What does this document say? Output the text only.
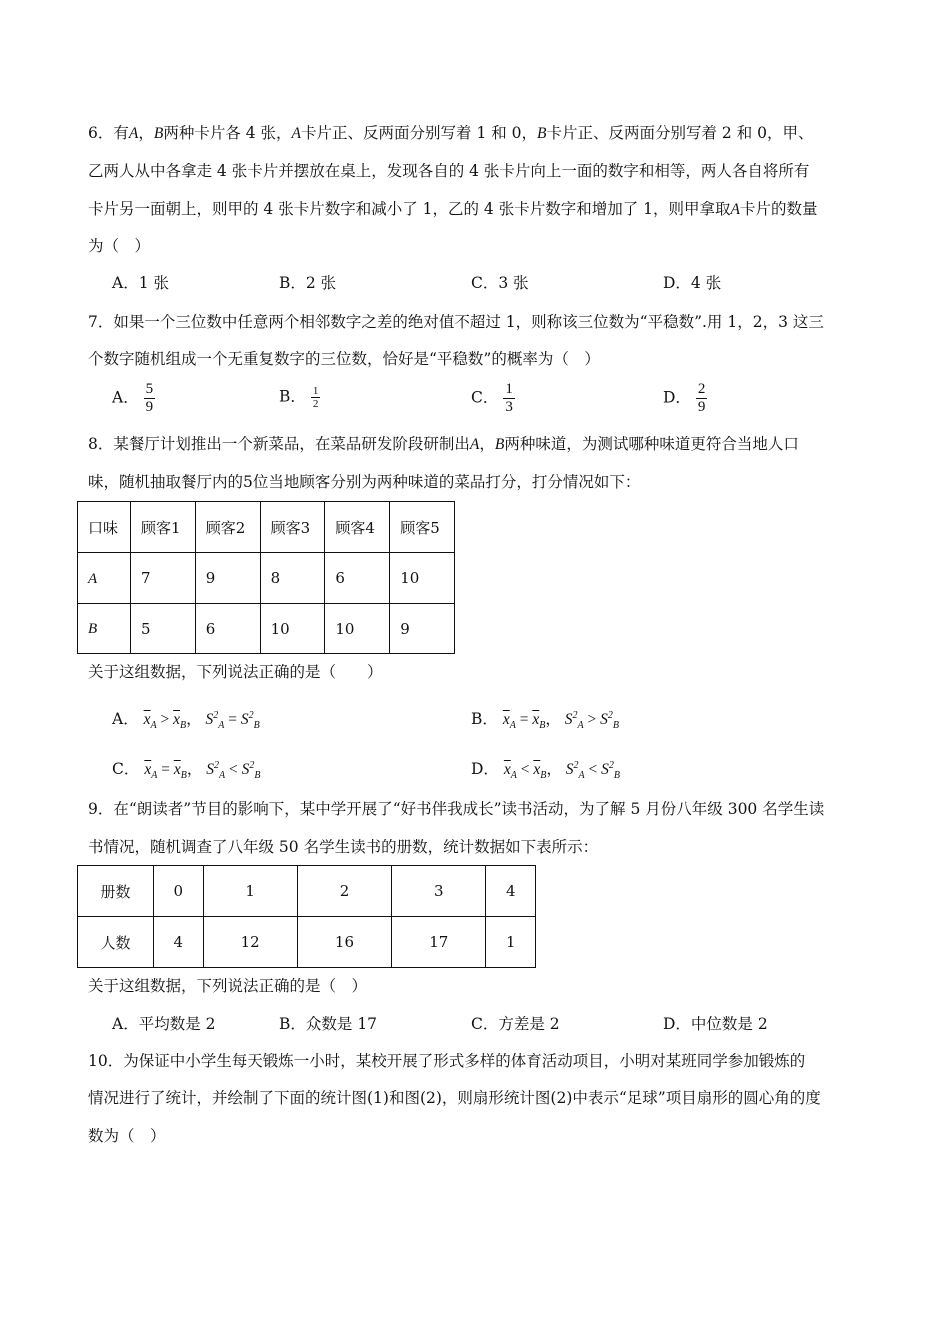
6．有A，B两种卡片各 4 张，A卡片正、反两面分别写着 1 和 0，B卡片正、反两面分别写着 2 和 0，甲、
乙两人从中各拿走 4 张卡片并摆放在桌上，发现各自的 4 张卡片向上一面的数字和相等，两人各自将所有
卡片另一面朝上，则甲的 4 张卡片数字和减小了 1，乙的 4 张卡片数字和增加了 1，则甲拿取A卡片的数量
为（　）
A．1 张	B．2 张	C．3 张	D．4 张
7．如果一个三位数中任意两个相邻数字之差的绝对值不超过 1，则称该三位数为“平稳数”.用 1，2，3 这三
个数字随机组成一个无重复数字的三位数，恰好是“平稳数”的概率为（　）
A． $\frac{5}{9}$	B． $\frac{1}{2}$	C． $\frac{1}{3}$	D． $\frac{2}{9}$
8．某餐厅计划推出一个新菜品，在菜品研发阶段研制出A，B两种味道，为测试哪种味道更符合当地人口
味，随机抽取餐厅内的5位当地顾客分别为两种味道的菜品打分，打分情况如下：
口味	顾客1	顾客2	顾客3	顾客4	顾客5
A	7	9	8	6	10
B	5	6	10	10	9
关于这组数据，下列说法正确的是（　　）
A． $\overline{x}_A > \overline{x}_B$， $S^2_A = S^2_B$	B． $\overline{x}_A = \overline{x}_B$， $S^2_A > S^2_B$
C． $\overline{x}_A = \overline{x}_B$， $S^2_A < S^2_B$	D． $\overline{x}_A < \overline{x}_B$， $S^2_A < S^2_B$
9．在“朗读者”节目的影响下，某中学开展了“好书伴我成长”读书活动，为了解 5 月份八年级 300 名学生读
书情况，随机调查了八年级 50 名学生读书的册数，统计数据如下表所示：
册数	0	1	2	3	4
人数	4	12	16	17	1
关于这组数据，下列说法正确的是（　）
A．平均数是 2	B．众数是 17	C．方差是 2	D．中位数是 2
10．为保证中小学生每天锻炼一小时，某校开展了形式多样的体育活动项目，小明对某班同学参加锻炼的
情况进行了统计，并绘制了下面的统计图(1)和图(2)，则扇形统计图(2)中表示“足球”项目扇形的圆心角的度
数为（　）
